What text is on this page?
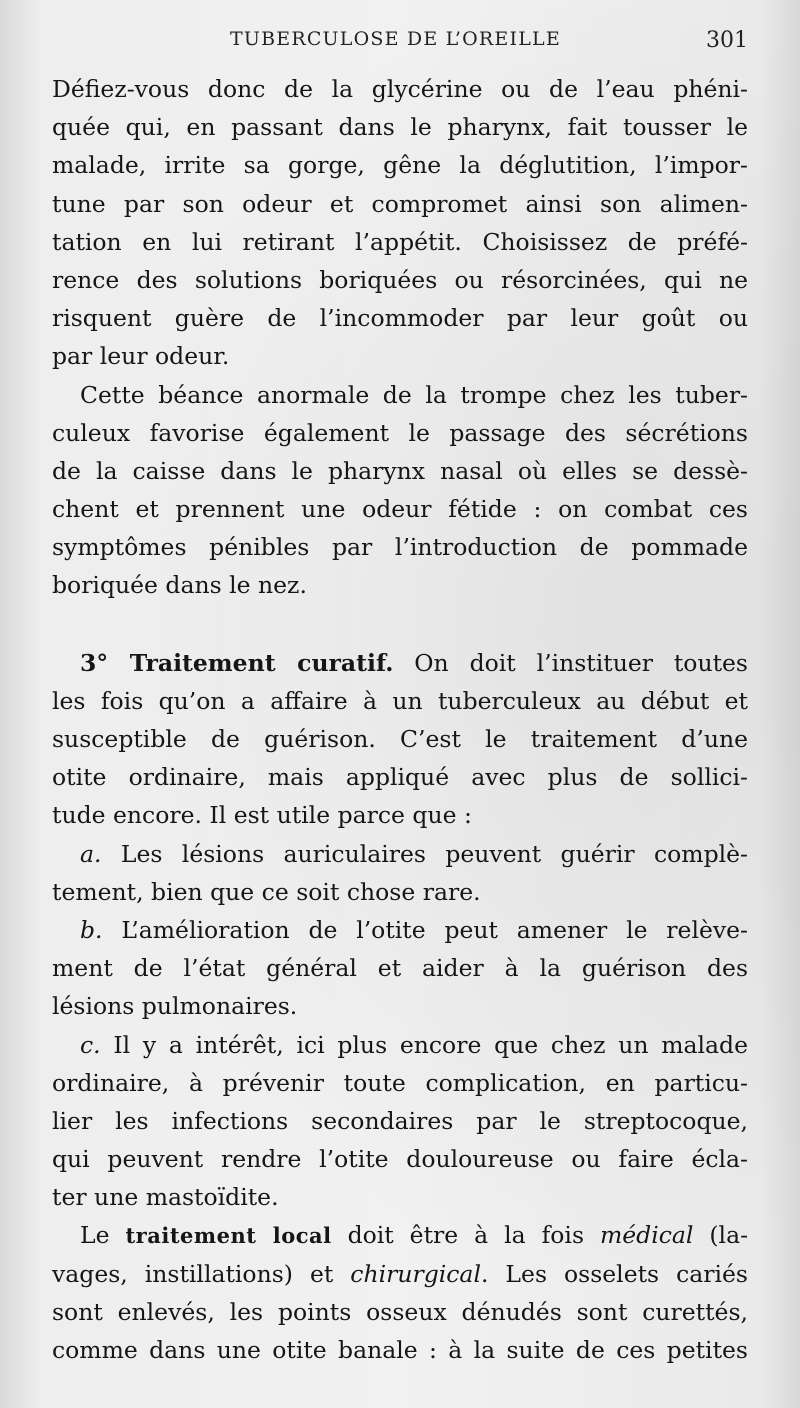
TUBERCULOSE DE L’OREILLE	301
Défiez-vous donc de la glycérine ou de l’eau phéni-
quée qui, en passant dans le pharynx, fait tousser le
malade, irrite sa gorge, gêne la déglutition, l’impor-
tune par son odeur et compromet ainsi son alimen-
tation en lui retirant l’appétit. Choisissez de préfé-
rence des solutions boriquées ou résorcinées, qui ne
risquent guère de l’incommoder par leur goût ou
par leur odeur.
Cette béance anormale de la trompe chez les tuber-
culeux favorise également le passage des sécrétions
de la caisse dans le pharynx nasal où elles se dessè-
chent et prennent une odeur fétide : on combat ces
symptômes pénibles par l’introduction de pommade
boriquée dans le nez.
3° Traitement curatif. On doit l’instituer toutes
les fois qu’on a affaire à un tuberculeux au début et
susceptible de guérison. C’est le traitement d’une
otite ordinaire, mais appliqué avec plus de sollici-
tude encore. Il est utile parce que :
a. Les lésions auriculaires peuvent guérir complè-
tement, bien que ce soit chose rare.
b. L’amélioration de l’otite peut amener le relève-
ment de l’état général et aider à la guérison des
lésions pulmonaires.
c. Il y a intérêt, ici plus encore que chez un malade
ordinaire, à prévenir toute complication, en particu-
lier les infections secondaires par le streptocoque,
qui peuvent rendre l’otite douloureuse ou faire écla-
ter une mastoïdite.
Le traitement local doit être à la fois médical (la-
vages, instillations) et chirurgical. Les osselets cariés
sont enlevés, les points osseux dénudés sont curettés,
comme dans une otite banale : à la suite de ces petites
